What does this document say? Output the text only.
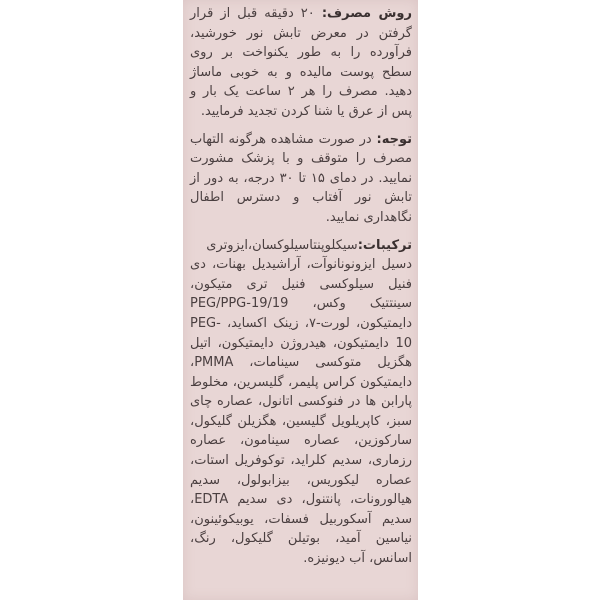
روش مصرف: ۲۰ دقیقه قبل از قرار گرفتن در معرض تابش نور خورشید، فرآورده را به طور یکنواخت بر روی سطح پوست مالیده و به خوبی ماساژ دهید. مصرف را هر ۲ ساعت یک بار و پس از عرق یا شنا کردن تجدید فرمایید.

توجه: در صورت مشاهده هرگونه التهاب مصرف را متوقف و با پزشک مشورت نمایید. در دمای ۱۵ تا ۳۰ درجه، به دور از تابش نور آفتاب و دسترس اطفال نگاهداری نمایید.

ترکیبات:سیکلوپنتاسیلوکسان،ایزوتری دسیل ایزونونانوآت، آراشیدیل بهنات، دی فنیل سیلوکسی فنیل تری متیکون، سینتتیک وکس، PEG/PPG-19/19 دایمتیکون، لورت-۷، زینک اکساید، PEG-10 دایمتیکون، هیدروژن دایمتیکون، اتیل هگزیل متوکسی سینامات، PMMA، دایمتیکون کراس پلیمر، گلیسرین، مخلوط پارابن ها در فنوکسی اتانول، عصاره چای سبز، کاپریلویل گلیسین، هگزیلن گلیکول، سارکوزین، عصاره سینامون، عصاره رزماری، سدیم کلراید، توکوفریل استات، عصاره لیکوریس، بیزابولول، سدیم هیالورونات، پانتنول، دی سدیم EDTA، سدیم آسکوربیل فسفات، یوبیکوئینون، نیاسین آمید، بوتیلن گلیکول، رنگ، اسانس، آب دیونیزه.
